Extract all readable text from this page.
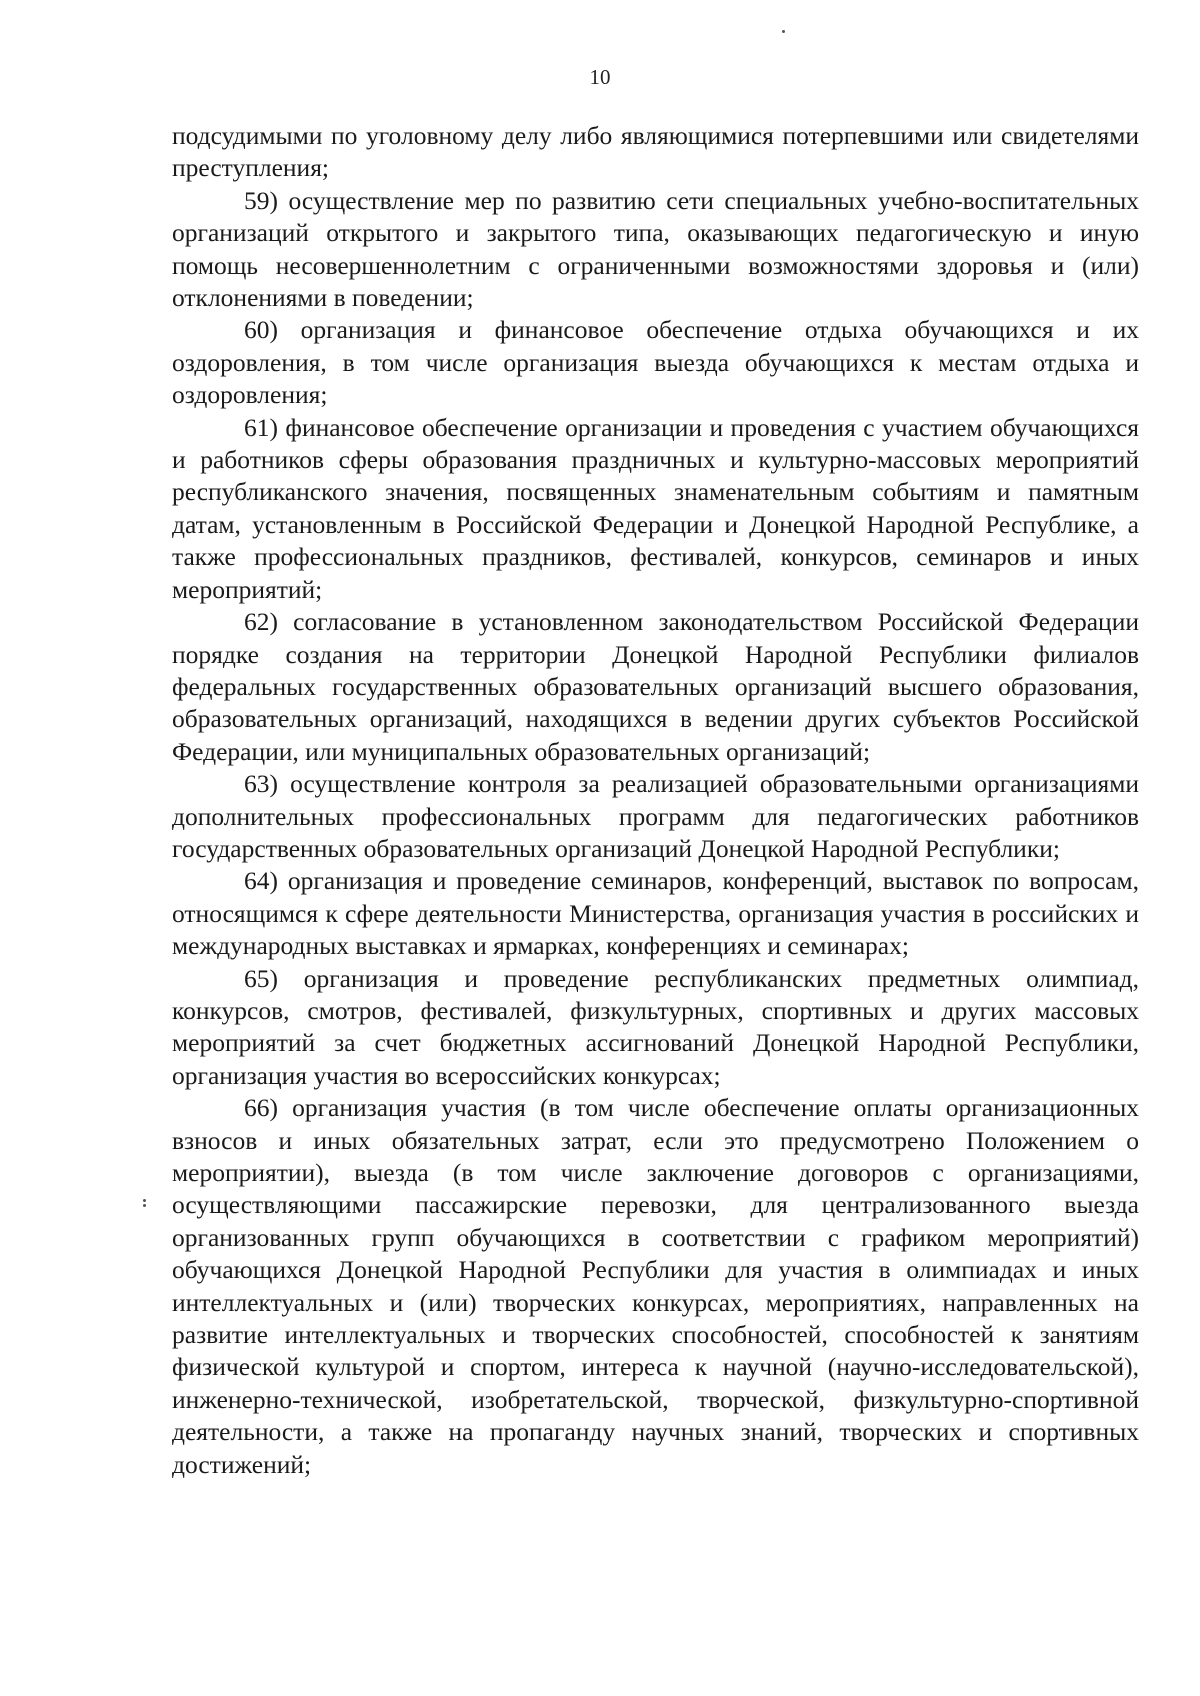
10

подсудимыми по уголовному делу либо являющимися потерпевшими или свидетелями преступления;

59) осуществление мер по развитию сети специальных учебно-воспитательных организаций открытого и закрытого типа, оказывающих педагогическую и иную помощь несовершеннолетним с ограниченными возможностями здоровья и (или) отклонениями в поведении;

60) организация и финансовое обеспечение отдыха обучающихся и их оздоровления, в том числе организация выезда обучающихся к местам отдыха и оздоровления;

61) финансовое обеспечение организации и проведения с участием обучающихся и работников сферы образования праздничных и культурно-массовых мероприятий республиканского значения, посвященных знаменательным событиям и памятным датам, установленным в Российской Федерации и Донецкой Народной Республике, а также профессиональных праздников, фестивалей, конкурсов, семинаров и иных мероприятий;

62) согласование в установленном законодательством Российской Федерации порядке создания на территории Донецкой Народной Республики филиалов федеральных государственных образовательных организаций высшего образования, образовательных организаций, находящихся в ведении других субъектов Российской Федерации, или муниципальных образовательных организаций;

63) осуществление контроля за реализацией образовательными организациями дополнительных профессиональных программ для педагогических работников государственных образовательных организаций Донецкой Народной Республики;

64) организация и проведение семинаров, конференций, выставок по вопросам, относящимся к сфере деятельности Министерства, организация участия в российских и международных выставках и ярмарках, конференциях и семинарах;

65) организация и проведение республиканских предметных олимпиад, конкурсов, смотров, фестивалей, физкультурных, спортивных и других массовых мероприятий за счет бюджетных ассигнований Донецкой Народной Республики, организация участия во всероссийских конкурсах;

66) организация участия (в том числе обеспечение оплаты организационных взносов и иных обязательных затрат, если это предусмотрено Положением о мероприятии), выезда (в том числе заключение договоров с организациями, осуществляющими пассажирские перевозки, для централизованного выезда организованных групп обучающихся в соответствии с графиком мероприятий) обучающихся Донецкой Народной Республики для участия в олимпиадах и иных интеллектуальных и (или) творческих конкурсах, мероприятиях, направленных на развитие интеллектуальных и творческих способностей, способностей к занятиям физической культурой и спортом, интереса к научной (научно-исследовательской), инженерно-технической, изобретательской, творческой, физкультурно-спортивной деятельности, а также на пропаганду научных знаний, творческих и спортивных достижений;
